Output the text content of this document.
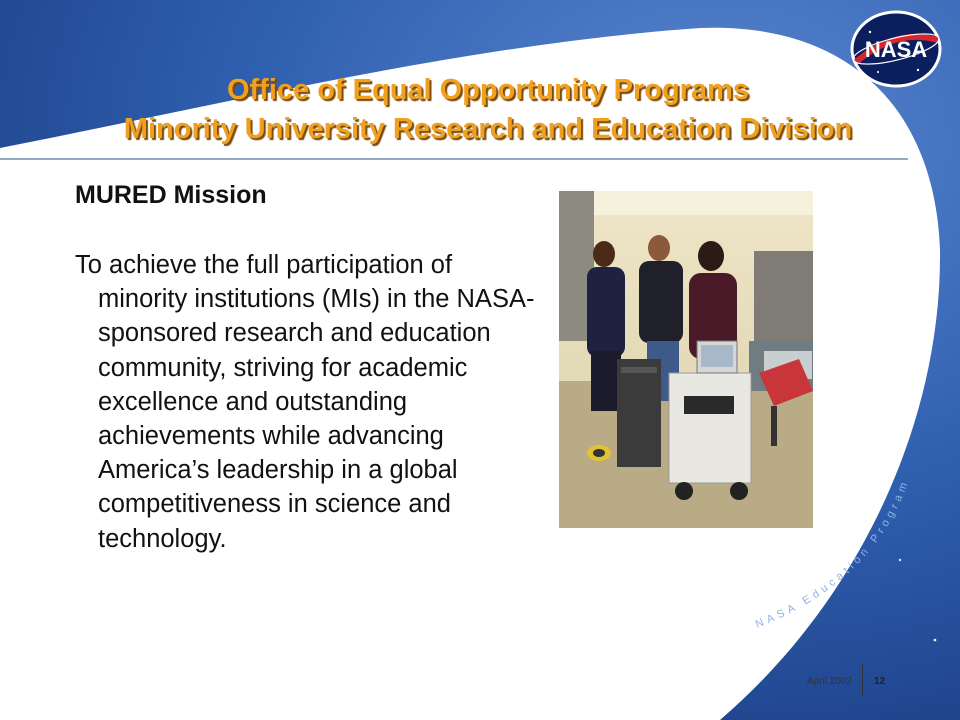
NASA Education Program
NASA
Office of Equal Opportunity Programs
Minority University Research and Education Division
MURED Mission
To achieve the full participation of minority institutions (MIs) in the NASA-sponsored research and education community, striving for academic excellence and outstanding achievements while advancing America’s leadership in a global competitiveness in science and technology.
April 2002 12
